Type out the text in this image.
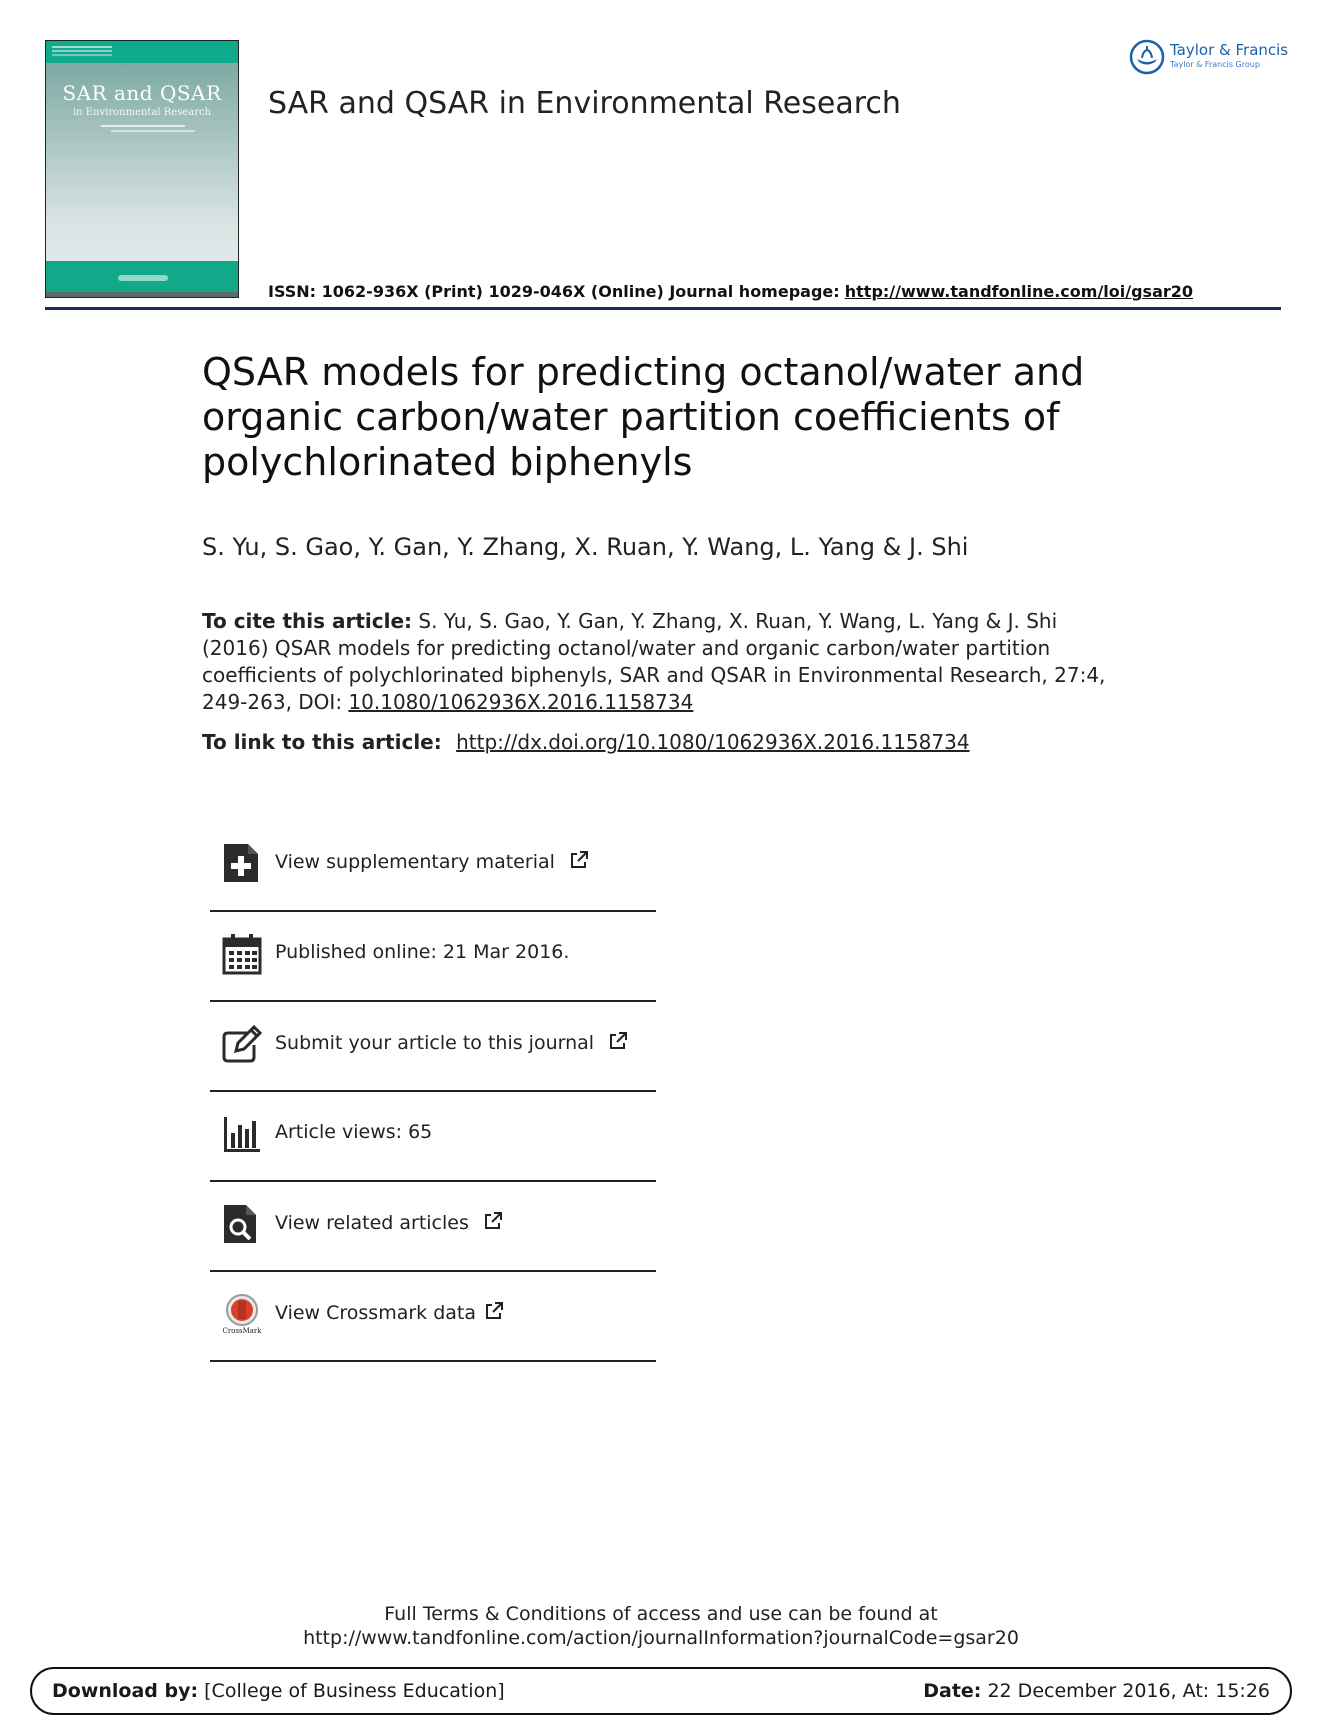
SAR and QSAR
in Environmental Research	SAR and QSAR in Environmental Research
ISSN: 1062-936X (Print) 1029-046X (Online) Journal homepage: http://www.tandfonline.com/loi/gsar20
Taylor & Francis
Taylor & Francis Group
QSAR models for predicting octanol/water and organic carbon/water partition coefficients of polychlorinated biphenyls
S. Yu, S. Gao, Y. Gan, Y. Zhang, X. Ruan, Y. Wang, L. Yang & J. Shi
To cite this article: S. Yu, S. Gao, Y. Gan, Y. Zhang, X. Ruan, Y. Wang, L. Yang & J. Shi (2016) QSAR models for predicting octanol/water and organic carbon/water partition coefficients of polychlorinated biphenyls, SAR and QSAR in Environmental Research, 27:4, 249-263, DOI: 10.1080/1062936X.2016.1158734
To link to this article: http://dx.doi.org/10.1080/1062936X.2016.1158734
View supplementary material
Published online: 21 Mar 2016.
Submit your article to this journal
Article views: 65
View related articles
CrossMark
View Crossmark data
Full Terms & Conditions of access and use can be found at
http://www.tandfonline.com/action/journalInformation?journalCode=gsar20
Download by: [College of Business Education]	Date: 22 December 2016, At: 15:26
